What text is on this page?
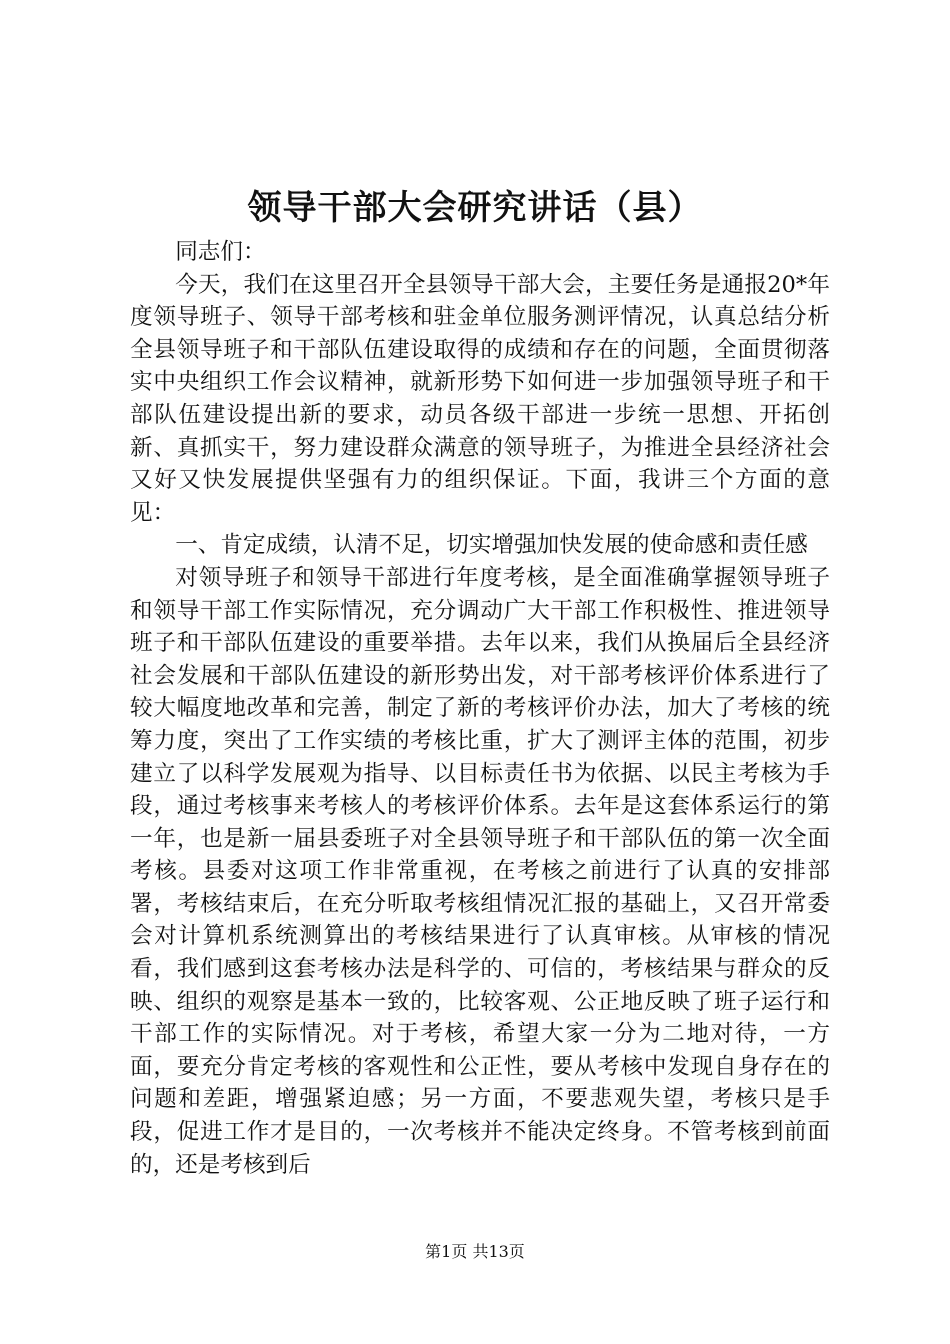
领导干部大会研究讲话（县）

同志们：

今天，我们在这里召开全县领导干部大会，主要任务是通报20*年度领导班子、领导干部考核和驻金单位服务测评情况，认真总结分析全县领导班子和干部队伍建设取得的成绩和存在的问题，全面贯彻落实中央组织工作会议精神，就新形势下如何进一步加强领导班子和干部队伍建设提出新的要求，动员各级干部进一步统一思想、开拓创新、真抓实干，努力建设群众满意的领导班子，为推进全县经济社会又好又快发展提供坚强有力的组织保证。下面，我讲三个方面的意见：

一、肯定成绩，认清不足，切实增强加快发展的使命感和责任感

对领导班子和领导干部进行年度考核，是全面准确掌握领导班子和领导干部工作实际情况，充分调动广大干部工作积极性、推进领导班子和干部队伍建设的重要举措。去年以来，我们从换届后全县经济社会发展和干部队伍建设的新形势出发，对干部考核评价体系进行了较大幅度地改革和完善，制定了新的考核评价办法，加大了考核的统筹力度，突出了工作实绩的考核比重，扩大了测评主体的范围，初步建立了以科学发展观为指导、以目标责任书为依据、以民主考核为手段，通过考核事来考核人的考核评价体系。去年是这套体系运行的第一年，也是新一届县委班子对全县领导班子和干部队伍的第一次全面考核。县委对这项工作非常重视，在考核之前进行了认真的安排部署，考核结束后，在充分听取考核组情况汇报的基础上，又召开常委会对计算机系统测算出的考核结果进行了认真审核。从审核的情况看，我们感到这套考核办法是科学的、可信的，考核结果与群众的反映、组织的观察是基本一致的，比较客观、公正地反映了班子运行和干部工作的实际情况。对于考核，希望大家一分为二地对待，一方面，要充分肯定考核的客观性和公正性，要从考核中发现自身存在的问题和差距，增强紧迫感；另一方面，不要悲观失望，考核只是手段，促进工作才是目的，一次考核并不能决定终身。不管考核到前面的，还是考核到后

第1页 共13页
